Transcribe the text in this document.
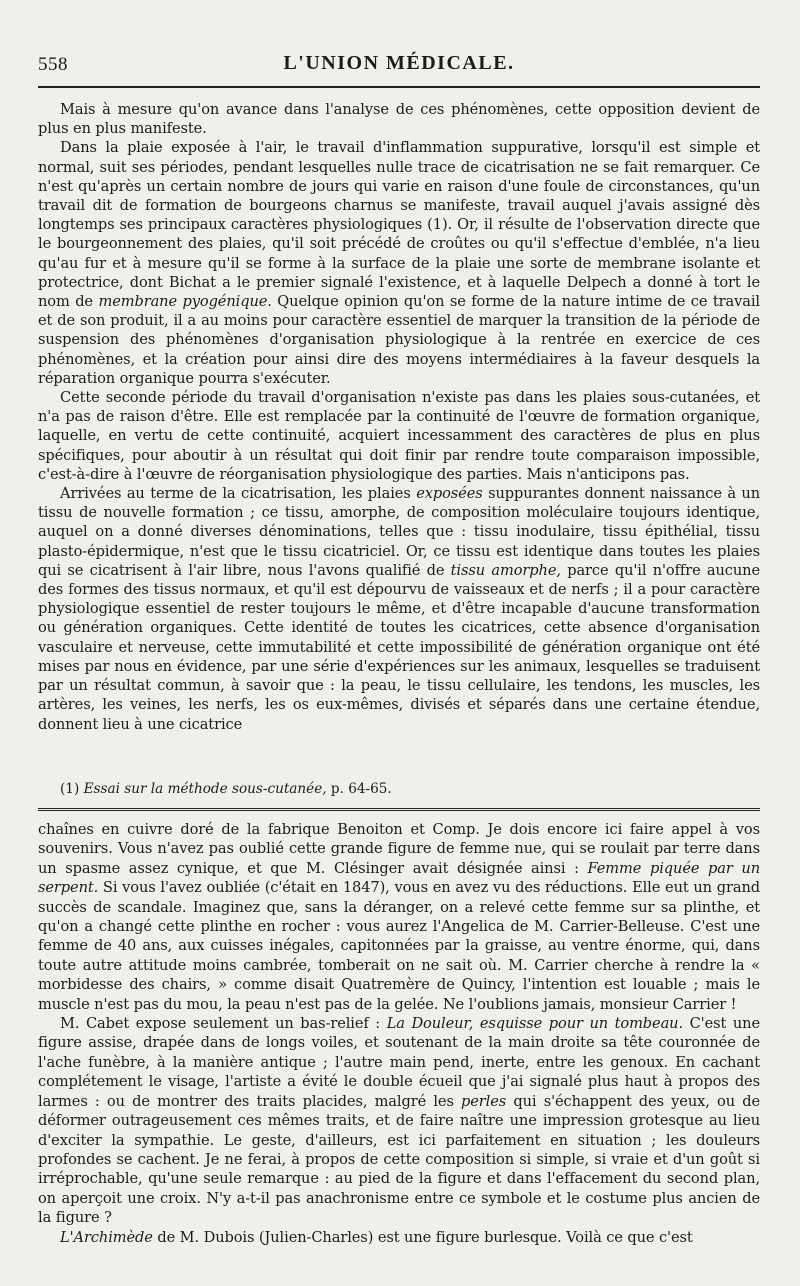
558	L'UNION MÉDICALE.

Mais à mesure qu'on avance dans l'analyse de ces phénomènes, cette opposition devient de plus en plus manifeste.

Dans la plaie exposée à l'air, le travail d'inflammation suppurative, lorsqu'il est simple et normal, suit ses périodes, pendant lesquelles nulle trace de cicatrisation ne se fait remarquer. Ce n'est qu'après un certain nombre de jours qui varie en raison d'une foule de circonstances, qu'un travail dit de formation de bourgeons charnus se manifeste, travail auquel j'avais assigné dès longtemps ses principaux caractères physiologiques (1). Or, il résulte de l'observation directe que le bourgeonnement des plaies, qu'il soit précédé de croûtes ou qu'il s'effectue d'emblée, n'a lieu qu'au fur et à mesure qu'il se forme à la surface de la plaie une sorte de membrane isolante et protectrice, dont Bichat a le premier signalé l'existence, et à laquelle Delpech a donné à tort le nom de membrane pyogénique. Quelque opinion qu'on se forme de la nature intime de ce travail et de son produit, il a au moins pour caractère essentiel de marquer la transition de la période de suspension des phénomènes d'organisation physiologique à la rentrée en exercice de ces phénomènes, et la création pour ainsi dire des moyens intermédiaires à la faveur desquels la réparation organique pourra s'exécuter.

Cette seconde période du travail d'organisation n'existe pas dans les plaies sous-cutanées, et n'a pas de raison d'être. Elle est remplacée par la continuité de l'œuvre de formation organique, laquelle, en vertu de cette continuité, acquiert incessamment des caractères de plus en plus spécifiques, pour aboutir à un résultat qui doit finir par rendre toute comparaison impossible, c'est-à-dire à l'œuvre de réorganisation physiologique des parties. Mais n'anticipons pas.

Arrivées au terme de la cicatrisation, les plaies exposées suppurantes donnent naissance à un tissu de nouvelle formation ; ce tissu, amorphe, de composition moléculaire toujours identique, auquel on a donné diverses dénominations, telles que : tissu inodulaire, tissu épithélial, tissu plasto-épidermique, n'est que le tissu cicatriciel. Or, ce tissu est identique dans toutes les plaies qui se cicatrisent à l'air libre, nous l'avons qualifié de tissu amorphe, parce qu'il n'offre aucune des formes des tissus normaux, et qu'il est dépourvu de vaisseaux et de nerfs ; il a pour caractère physiologique essentiel de rester toujours le même, et d'être incapable d'aucune transformation ou génération organiques. Cette identité de toutes les cicatrices, cette absence d'organisation vasculaire et nerveuse, cette immutabilité et cette impossibilité de génération organique ont été mises par nous en évidence, par une série d'expériences sur les animaux, lesquelles se traduisent par un résultat commun, à savoir que : la peau, le tissu cellulaire, les tendons, les muscles, les artères, les veines, les nerfs, les os eux-mêmes, divisés et séparés dans une certaine étendue, donnent lieu à une cicatrice

(1) Essai sur la méthode sous-cutanée, p. 64-65.

chaînes en cuivre doré de la fabrique Benoiton et Comp. Je dois encore ici faire appel à vos souvenirs. Vous n'avez pas oublié cette grande figure de femme nue, qui se roulait par terre dans un spasme assez cynique, et que M. Clésinger avait désignée ainsi : Femme piquée par un serpent. Si vous l'avez oubliée (c'était en 1847), vous en avez vu des réductions. Elle eut un grand succès de scandale. Imaginez que, sans la déranger, on a relevé cette femme sur sa plinthe, et qu'on a changé cette plinthe en rocher : vous aurez l'Angelica de M. Carrier-Belleuse. C'est une femme de 40 ans, aux cuisses inégales, capitonnées par la graisse, au ventre énorme, qui, dans toute autre attitude moins cambrée, tomberait on ne sait où. M. Carrier cherche à rendre la « morbidesse des chairs, » comme disait Quatremère de Quincy, l'intention est louable ; mais le muscle n'est pas du mou, la peau n'est pas de la gelée. Ne l'oublions jamais, monsieur Carrier !

M. Cabet expose seulement un bas-relief : La Douleur, esquisse pour un tombeau. C'est une figure assise, drapée dans de longs voiles, et soutenant de la main droite sa tête couronnée de l'ache funèbre, à la manière antique ; l'autre main pend, inerte, entre les genoux. En cachant complétement le visage, l'artiste a évité le double écueil que j'ai signalé plus haut à propos des larmes : ou de montrer des traits placides, malgré les perles qui s'échappent des yeux, ou de déformer outrageusement ces mêmes traits, et de faire naître une impression grotesque au lieu d'exciter la sympathie. Le geste, d'ailleurs, est ici parfaitement en situation ; les douleurs profondes se cachent. Je ne ferai, à propos de cette composition si simple, si vraie et d'un goût si irréprochable, qu'une seule remarque : au pied de la figure et dans l'effacement du second plan, on aperçoit une croix. N'y a-t-il pas anachronisme entre ce symbole et le costume plus ancien de la figure ?

L'Archimède de M. Dubois (Julien-Charles) est une figure burlesque. Voilà ce que c'est
